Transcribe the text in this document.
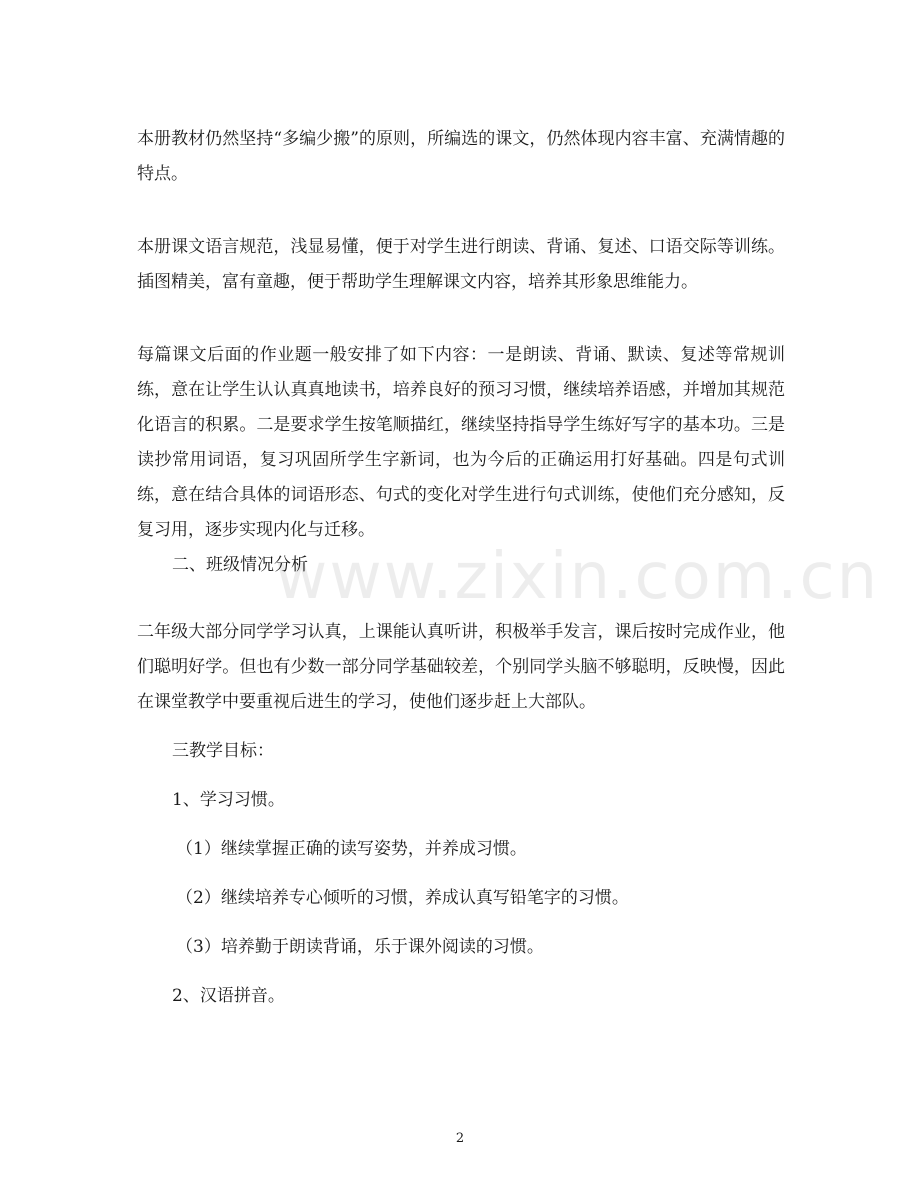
本册教材仍然坚持“多编少搬”的原则，所编选的课文，仍然体现内容丰富、充满情趣的特点。

本册课文语言规范，浅显易懂，便于对学生进行朗读、背诵、复述、口语交际等训练。插图精美，富有童趣，便于帮助学生理解课文内容，培养其形象思维能力。

每篇课文后面的作业题一般安排了如下内容：一是朗读、背诵、默读、复述等常规训练，意在让学生认认真真地读书，培养良好的预习习惯，继续培养语感，并增加其规范化语言的积累。二是要求学生按笔顺描红，继续坚持指导学生练好写字的基本功。三是读抄常用词语，复习巩固所学生字新词，也为今后的正确运用打好基础。四是句式训练，意在结合具体的词语形态、句式的变化对学生进行句式训练，使他们充分感知，反复习用，逐步实现内化与迁移。

二、班级情况分析

二年级大部分同学学习认真，上课能认真听讲，积极举手发言，课后按时完成作业，他们聪明好学。但也有少数一部分同学基础较差，个别同学头脑不够聪明，反映慢，因此在课堂教学中要重视后进生的学习，使他们逐步赶上大部队。

三教学目标：

1、学习习惯。

（1）继续掌握正确的读写姿势，并养成习惯。

（2）继续培养专心倾听的习惯，养成认真写铅笔字的习惯。

（3）培养勤于朗读背诵，乐于课外阅读的习惯。

2、汉语拼音。

www.zixin.com.cn
2
